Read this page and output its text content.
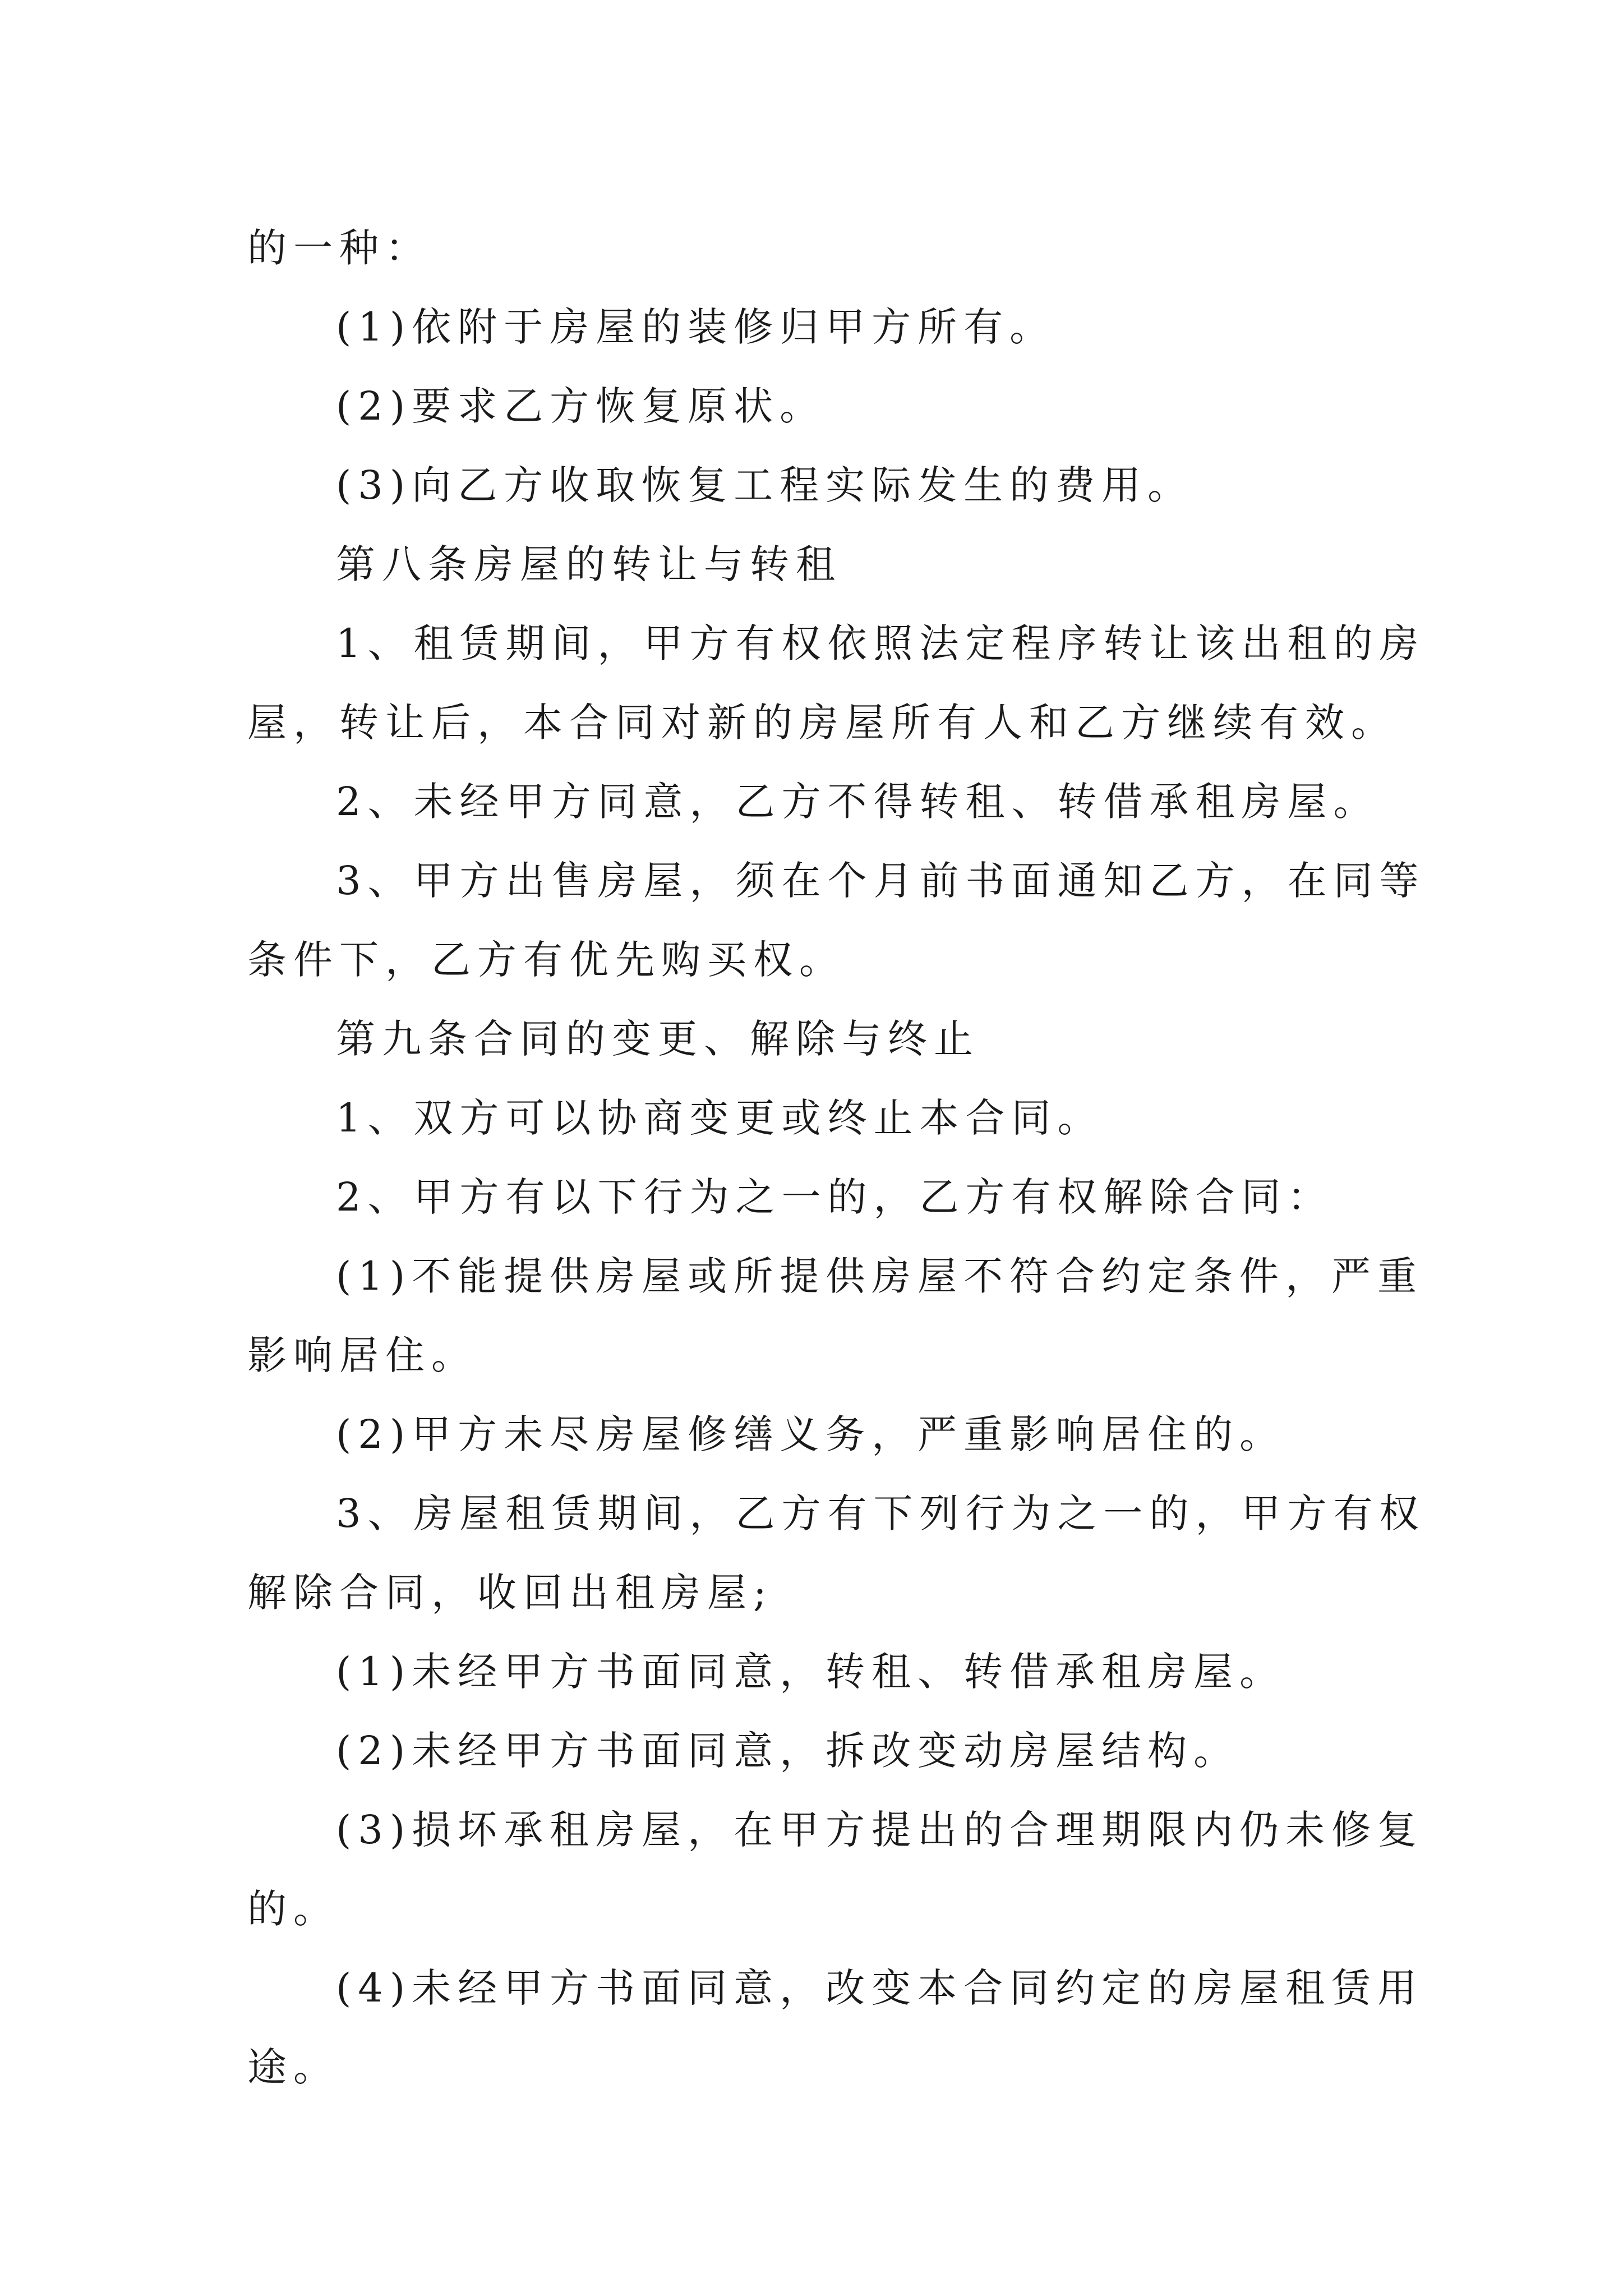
的一种：

(1)依附于房屋的装修归甲方所有。

(2)要求乙方恢复原状。

(3)向乙方收取恢复工程实际发生的费用。

第八条房屋的转让与转租

1、租赁期间，甲方有权依照法定程序转让该出租的房

屋，转让后，本合同对新的房屋所有人和乙方继续有效。

2、未经甲方同意，乙方不得转租、转借承租房屋。

3、甲方出售房屋，须在个月前书面通知乙方，在同等

条件下，乙方有优先购买权。

第九条合同的变更、解除与终止

1、双方可以协商变更或终止本合同。

2、甲方有以下行为之一的，乙方有权解除合同：

(1)不能提供房屋或所提供房屋不符合约定条件，严重

影响居住。

(2)甲方未尽房屋修缮义务，严重影响居住的。

3、房屋租赁期间，乙方有下列行为之一的，甲方有权

解除合同，收回出租房屋;

(1)未经甲方书面同意，转租、转借承租房屋。

(2)未经甲方书面同意，拆改变动房屋结构。

(3)损坏承租房屋，在甲方提出的合理期限内仍未修复

的。

(4)未经甲方书面同意，改变本合同约定的房屋租赁用

途。
